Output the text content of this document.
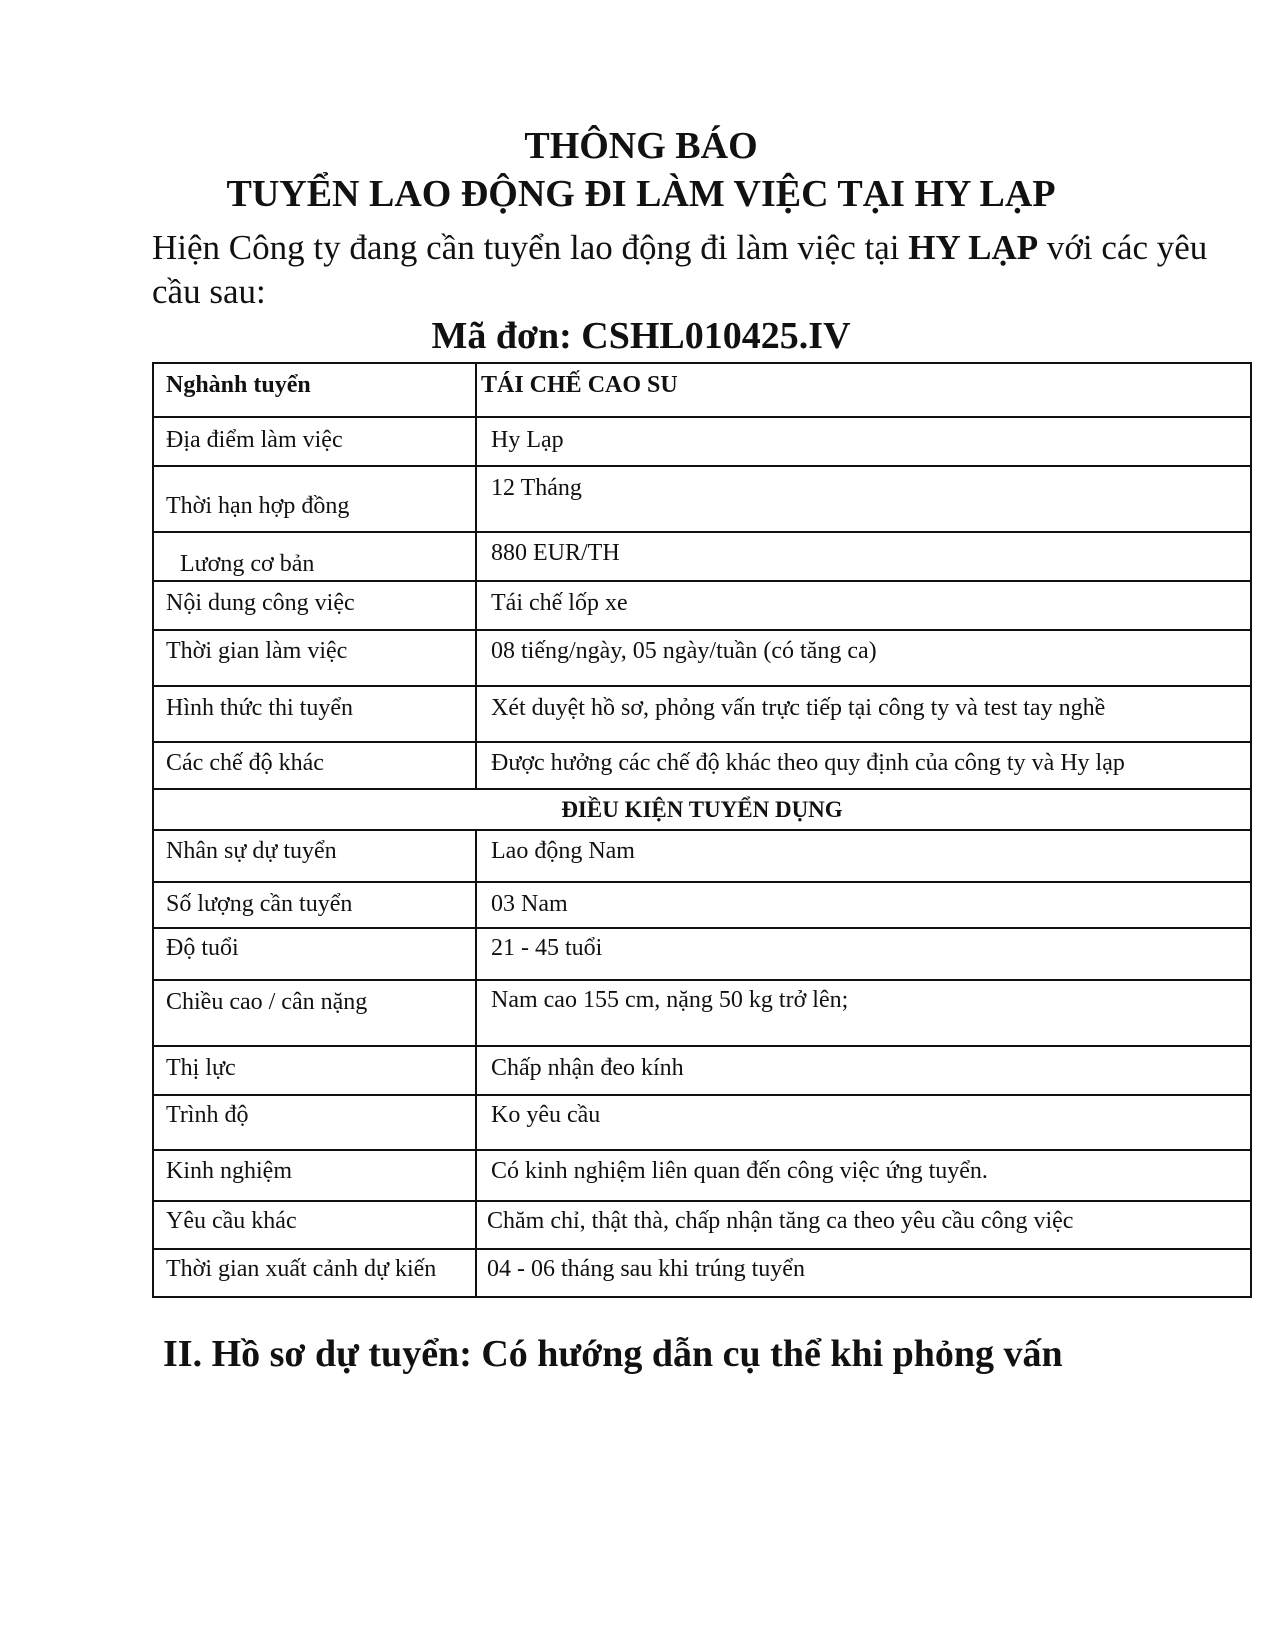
THÔNG BÁO
TUYỂN LAO ĐỘNG ĐI LÀM VIỆC TẠI HY LẠP
Hiện Công ty đang cần tuyển lao động đi làm việc tại HY LẠP với các yêu cầu sau:
Mã đơn: CSHL010425.IV
Nghành tuyển	TÁI CHẾ CAO SU

Địa điểm làm việc	Hy Lạp

Thời hạn hợp đồng	12 Tháng

Lương cơ bản	880 EUR/TH

Nội dung công việc	Tái chế lốp xe

Thời gian làm việc	08 tiếng/ngày, 05 ngày/tuần (có tăng ca)

Hình thức thi tuyển	Xét duyệt hồ sơ, phỏng vấn trực tiếp tại công ty và test tay nghề

Các chế độ khác	Được hưởng các chế độ khác theo quy định của công ty và Hy lạp

ĐIỀU KIỆN TUYỂN DỤNG	

Nhân sự dự tuyển	Lao động Nam

Số lượng cần tuyển	03 Nam

Độ tuổi	21 - 45 tuổi

Chiều cao / cân nặng	Nam cao 155 cm, nặng 50 kg trở lên;

Thị lực	Chấp nhận đeo kính

Trình độ	Ko yêu cầu

Kinh nghiệm	Có kinh nghiệm liên quan đến công việc ứng tuyển.

Yêu cầu khác	Chăm chỉ, thật thà, chấp nhận tăng ca theo yêu cầu công việc

Thời gian xuất cảnh dự kiến	04 - 06 tháng sau khi trúng tuyển
II. Hồ sơ dự tuyển: Có hướng dẫn cụ thể khi phỏng vấn
